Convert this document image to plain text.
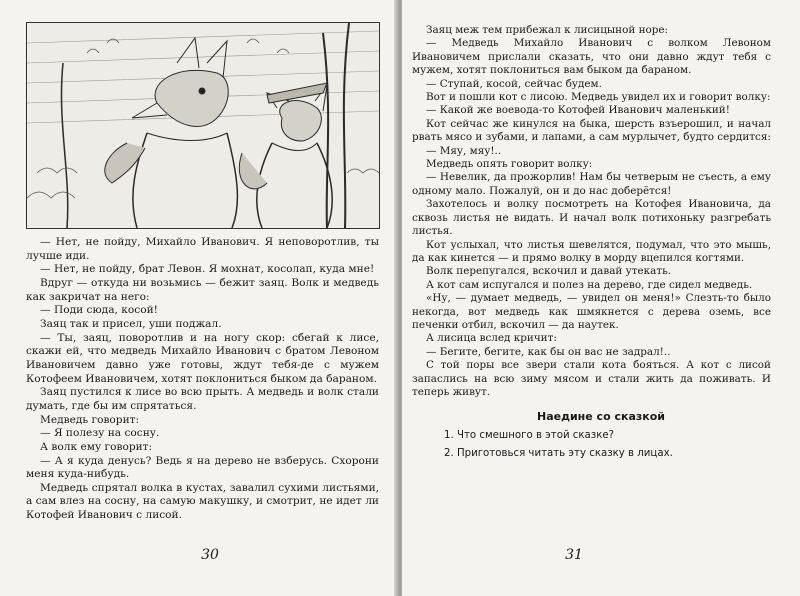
— Нет, не пойду, Михайло Иванович. Я неповоротлив, ты лучше иди.

— Нет, не пойду, брат Левон. Я мохнат, косолап, куда мне!

Вдруг — откуда ни возьмись — бежит заяц. Волк и медведь как закричат на него:

— Поди сюда, косой!

Заяц так и присел, уши поджал.

— Ты, заяц, поворотлив и на ногу скор: сбегай к лисе, скажи ей, что медведь Михайло Иванович с братом Левоном Ивановичем давно уже готовы, ждут тебя-де с мужем Котофеем Ивановичем, хотят поклониться быком да бараном.

Заяц пустился к лисе во всю прыть. А медведь и волк стали думать, где бы им спрятаться.

Медведь говорит:

— Я полезу на сосну.

А волк ему говорит:

— А я куда денусь? Ведь я на дерево не взберусь. Схорони меня куда-нибудь.

Медведь спрятал волка в кустах, завалил сухими листьями, а сам влез на сосну, на самую макушку, и смотрит, не идет ли Котофей Иванович с лисой.

30

Заяц меж тем прибежал к лисицыной норе:

— Медведь Михайло Иванович с волком Левоном Ивановичем прислали сказать, что они давно ждут тебя с мужем, хотят поклониться вам быком да бараном.

— Ступай, косой, сейчас будем.

Вот и пошли кот с лисою. Медведь увидел их и говорит волку:

— Какой же воевода-то Котофей Иванович маленький!

Кот сейчас же кинулся на быка, шерсть взъерошил, и начал рвать мясо и зубами, и лапами, а сам мурлычет, будто сердится:

— Мяу, мяу!..

Медведь опять говорит волку:

— Невелик, да прожорлив! Нам бы четверым не съесть, а ему одному мало. Пожалуй, он и до нас доберётся!

Захотелось и волку посмотреть на Котофея Ивановича, да сквозь листья не видать. И начал волк потихоньку разгребать листья.

Кот услыхал, что листья шевелятся, подумал, что это мышь, да как кинется — и прямо волку в морду вцепился когтями.

Волк перепугался, вскочил и давай утекать.

А кот сам испугался и полез на дерево, где сидел медведь.

«Ну, — думает медведь, — увидел он меня!» Слезть-то было некогда, вот медведь как шмякнется с дерева оземь, все печенки отбил, вскочил — да наутек.

А лисица вслед кричит:

— Бегите, бегите, как бы он вас не задрал!..

С той поры все звери стали кота бояться. А кот с лисой запаслись на всю зиму мясом и стали жить да поживать. И теперь живут.

Наедине со сказкой
1. Что смешного в этой сказке?
2. Приготовься читать эту сказку в лицах.
31
